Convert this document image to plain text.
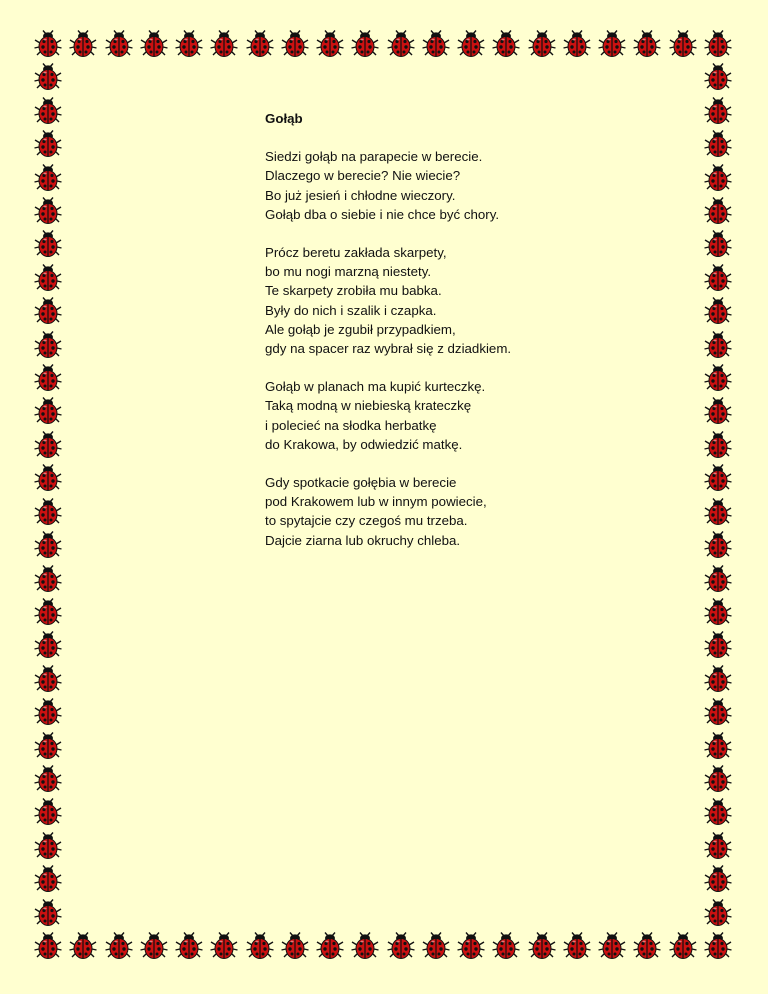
Gołąb
Siedzi gołąb na parapecie w berecie.
Dlaczego w berecie? Nie wiecie?
Bo już jesień i chłodne wieczory.
Gołąb dba o siebie i nie chce być chory.
Prócz beretu zakłada skarpety,
bo mu nogi marzną niestety.
Te skarpety zrobiła mu babka.
Były do nich i szalik i czapka.
Ale gołąb je zgubił przypadkiem,
gdy na spacer raz wybrał się z dziadkiem.
Gołąb w planach ma kupić kurteczkę.
Taką modną w niebieską krateczkę
i polecieć na słodka herbatkę
do Krakowa, by odwiedzić matkę.
Gdy spotkacie gołębia w berecie
pod Krakowem lub w innym powiecie,
to spytajcie czy czegoś mu trzeba.
Dajcie ziarna lub okruchy chleba.
